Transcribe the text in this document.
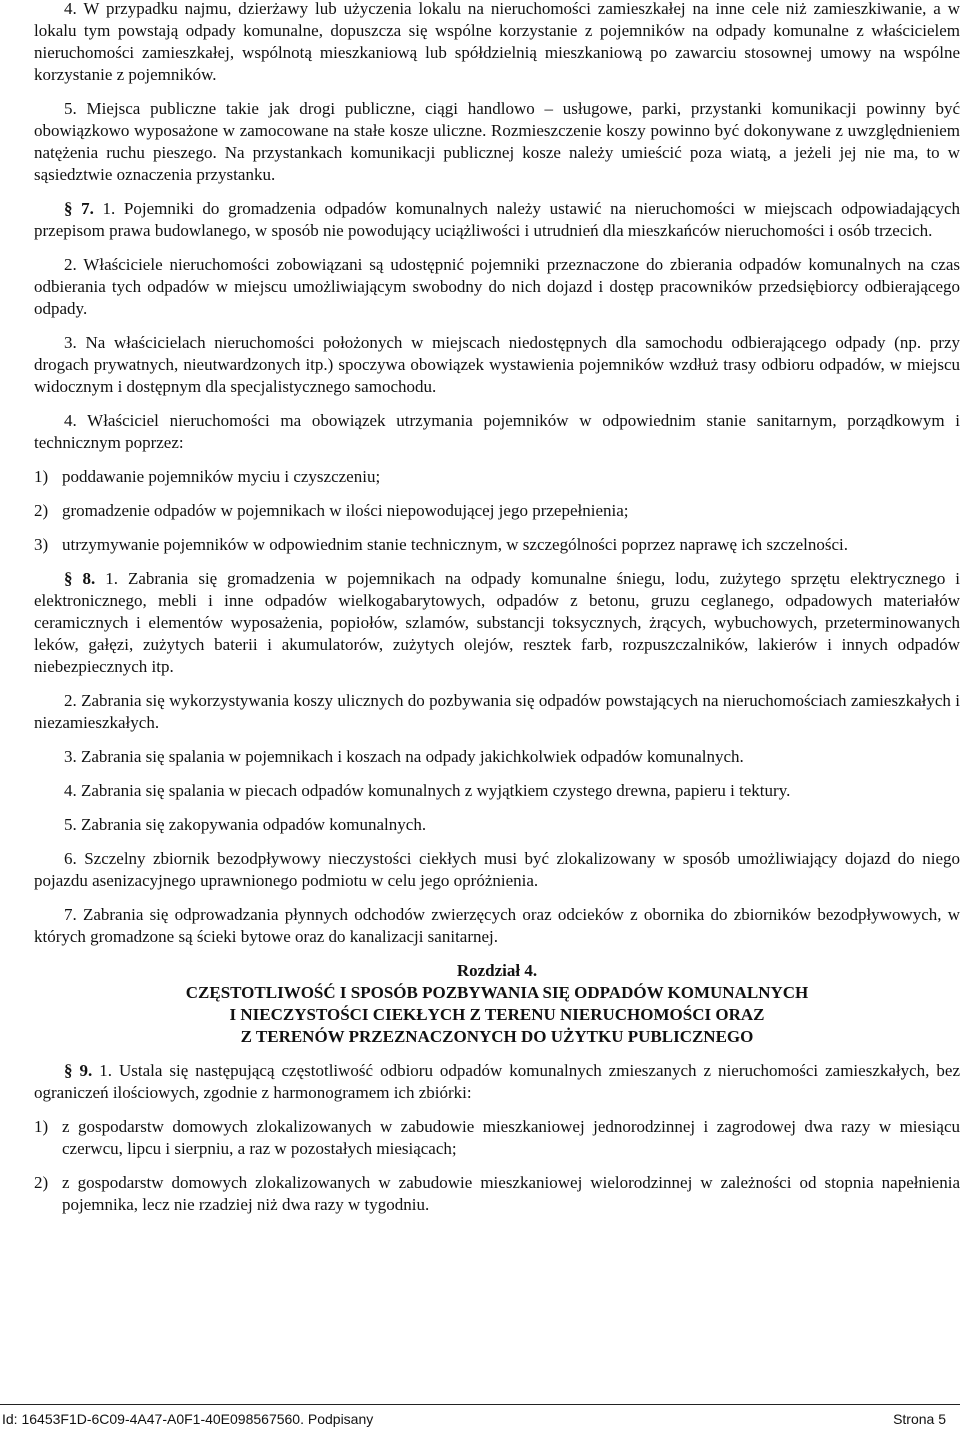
4. W przypadku najmu, dzierżawy lub użyczenia lokalu na nieruchomości zamieszkałej na inne cele niż zamieszkiwanie, a w lokalu tym powstają odpady komunalne, dopuszcza się wspólne korzystanie z pojemników na odpady komunalne z właścicielem nieruchomości zamieszkałej, wspólnotą mieszkaniową lub spółdzielnią mieszkaniową po zawarciu stosownej umowy na wspólne korzystanie z pojemników.

5. Miejsca publiczne takie jak drogi publiczne, ciągi handlowo – usługowe, parki, przystanki komunikacji powinny być obowiązkowo wyposażone w zamocowane na stałe kosze uliczne. Rozmieszczenie koszy powinno być dokonywane z uwzględnieniem natężenia ruchu pieszego. Na przystankach komunikacji publicznej kosze należy umieścić poza wiatą, a jeżeli jej nie ma, to w sąsiedztwie oznaczenia przystanku.

§ 7. 1. Pojemniki do gromadzenia odpadów komunalnych należy ustawić na nieruchomości w miejscach odpowiadających przepisom prawa budowlanego, w sposób nie powodujący uciążliwości i utrudnień dla mieszkańców nieruchomości i osób trzecich.

2. Właściciele nieruchomości zobowiązani są udostępnić pojemniki przeznaczone do zbierania odpadów komunalnych na czas odbierania tych odpadów w miejscu umożliwiającym swobodny do nich dojazd i dostęp pracowników przedsiębiorcy odbierającego odpady.

3. Na właścicielach nieruchomości położonych w miejscach niedostępnych dla samochodu odbierającego odpady (np. przy drogach prywatnych, nieutwardzonych itp.) spoczywa obowiązek wystawienia pojemników wzdłuż trasy odbioru odpadów, w miejscu widocznym i dostępnym dla specjalistycznego samochodu.

4. Właściciel nieruchomości ma obowiązek utrzymania pojemników w odpowiednim stanie sanitarnym, porządkowym i technicznym poprzez:

1) poddawanie pojemników myciu i czyszczeniu;
2) gromadzenie odpadów w pojemnikach w ilości niepowodującej jego przepełnienia;
3) utrzymywanie pojemników w odpowiednim stanie technicznym, w szczególności poprzez naprawę ich szczelności.

§ 8. 1. Zabrania się gromadzenia w pojemnikach na odpady komunalne śniegu, lodu, zużytego sprzętu elektrycznego i elektronicznego, mebli i inne odpadów wielkogabarytowych, odpadów z betonu, gruzu ceglanego, odpadowych materiałów ceramicznych i elementów wyposażenia, popiołów, szlamów, substancji toksycznych, żrących, wybuchowych, przeterminowanych leków, gałęzi, zużytych baterii i akumulatorów, zużytych olejów, resztek farb, rozpuszczalników, lakierów i innych odpadów niebezpiecznych itp.

2. Zabrania się wykorzystywania koszy ulicznych do pozbywania się odpadów powstających na nieruchomościach zamieszkałych i niezamieszkałych.

3. Zabrania się spalania w pojemnikach i koszach na odpady jakichkolwiek odpadów komunalnych.

4. Zabrania się spalania w piecach odpadów komunalnych z wyjątkiem czystego drewna, papieru i tektury.

5. Zabrania się zakopywania odpadów komunalnych.

6. Szczelny zbiornik bezodpływowy nieczystości ciekłych musi być zlokalizowany w sposób umożliwiający dojazd do niego pojazdu asenizacyjnego uprawnionego podmiotu w celu jego opróżnienia.

7. Zabrania się odprowadzania płynnych odchodów zwierzęcych oraz odcieków z obornika do zbiorników bezodpływowych, w których gromadzone są ścieki bytowe oraz do kanalizacji sanitarnej.

Rozdział 4.
CZĘSTOTLIWOŚĆ I SPOSÓB POZBYWANIA SIĘ ODPADÓW KOMUNALNYCH
I NIECZYSTOŚCI CIEKŁYCH Z TERENU NIERUCHOMOŚCI ORAZ
Z TERENÓW PRZEZNACZONYCH DO UŻYTKU PUBLICZNEGO

§ 9. 1. Ustala się następującą częstotliwość odbioru odpadów komunalnych zmieszanych z nieruchomości zamieszkałych, bez ograniczeń ilościowych, zgodnie z harmonogramem ich zbiórki:

1) z gospodarstw domowych zlokalizowanych w zabudowie mieszkaniowej jednorodzinnej i zagrodowej dwa razy w miesiącu czerwcu, lipcu i sierpniu, a raz w pozostałych miesiącach;
2) z gospodarstw domowych zlokalizowanych w zabudowie mieszkaniowej wielorodzinnej w zależności od stopnia napełnienia pojemnika, lecz nie rzadziej niż dwa razy w tygodniu.
Id: 16453F1D-6C09-4A47-A0F1-40E098567560. Podpisany	Strona 5
